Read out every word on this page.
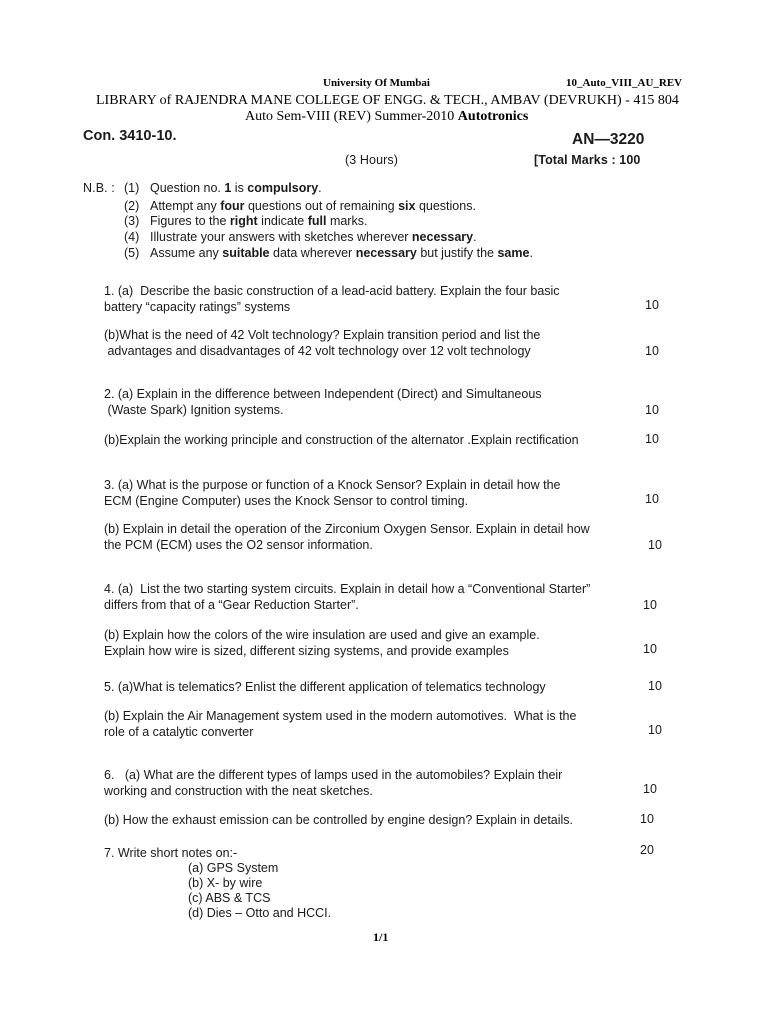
University Of Mumbai	10_Auto_VIII_AU_REV
LIBRARY of RAJENDRA MANE COLLEGE OF ENGG. & TECH., AMBAV (DEVRUKH) - 415 804
Auto Sem-VIII (REV) Summer-2010 Autotronics
Con. 3410-10.	AN—3220
(3 Hours)	[Total Marks : 100
N.B. : (1) Question no. 1 is compulsory.
(2) Attempt any four questions out of remaining six questions.
(3) Figures to the right indicate full marks.
(4) Illustrate your answers with sketches wherever necessary.
(5) Assume any suitable data wherever necessary but justify the same.
1. (a)  Describe the basic construction of a lead-acid battery. Explain the four basic
battery “capacity ratings” systems	10
(b)What is the need of 42 Volt technology? Explain transition period and list the
advantages and disadvantages of 42 volt technology over 12 volt technology	10
2. (a) Explain in the difference between Independent (Direct) and Simultaneous
(Waste Spark) Ignition systems.	10
(b)Explain the working principle and construction of the alternator .Explain rectification	10
3. (a) What is the purpose or function of a Knock Sensor? Explain in detail how the
ECM (Engine Computer) uses the Knock Sensor to control timing.	10
(b) Explain in detail the operation of the Zirconium Oxygen Sensor. Explain in detail how
the PCM (ECM) uses the O2 sensor information.	10
4. (a)  List the two starting system circuits. Explain in detail how a “Conventional Starter”
differs from that of a “Gear Reduction Starter”.	10
(b) Explain how the colors of the wire insulation are used and give an example.
Explain how wire is sized, different sizing systems, and provide examples	10
5. (a)What is telematics? Enlist the different application of telematics technology	10
(b) Explain the Air Management system used in the modern automotives.  What is the
role of a catalytic converter	10
6.   (a) What are the different types of lamps used in the automobiles? Explain their
working and construction with the neat sketches.	10
(b) How the exhaust emission can be controlled by engine design? Explain in details.	10
7. Write short notes on:-	20
(a) GPS System
(b) X- by wire
(c) ABS & TCS
(d) Dies – Otto and HCCI.
1/1
